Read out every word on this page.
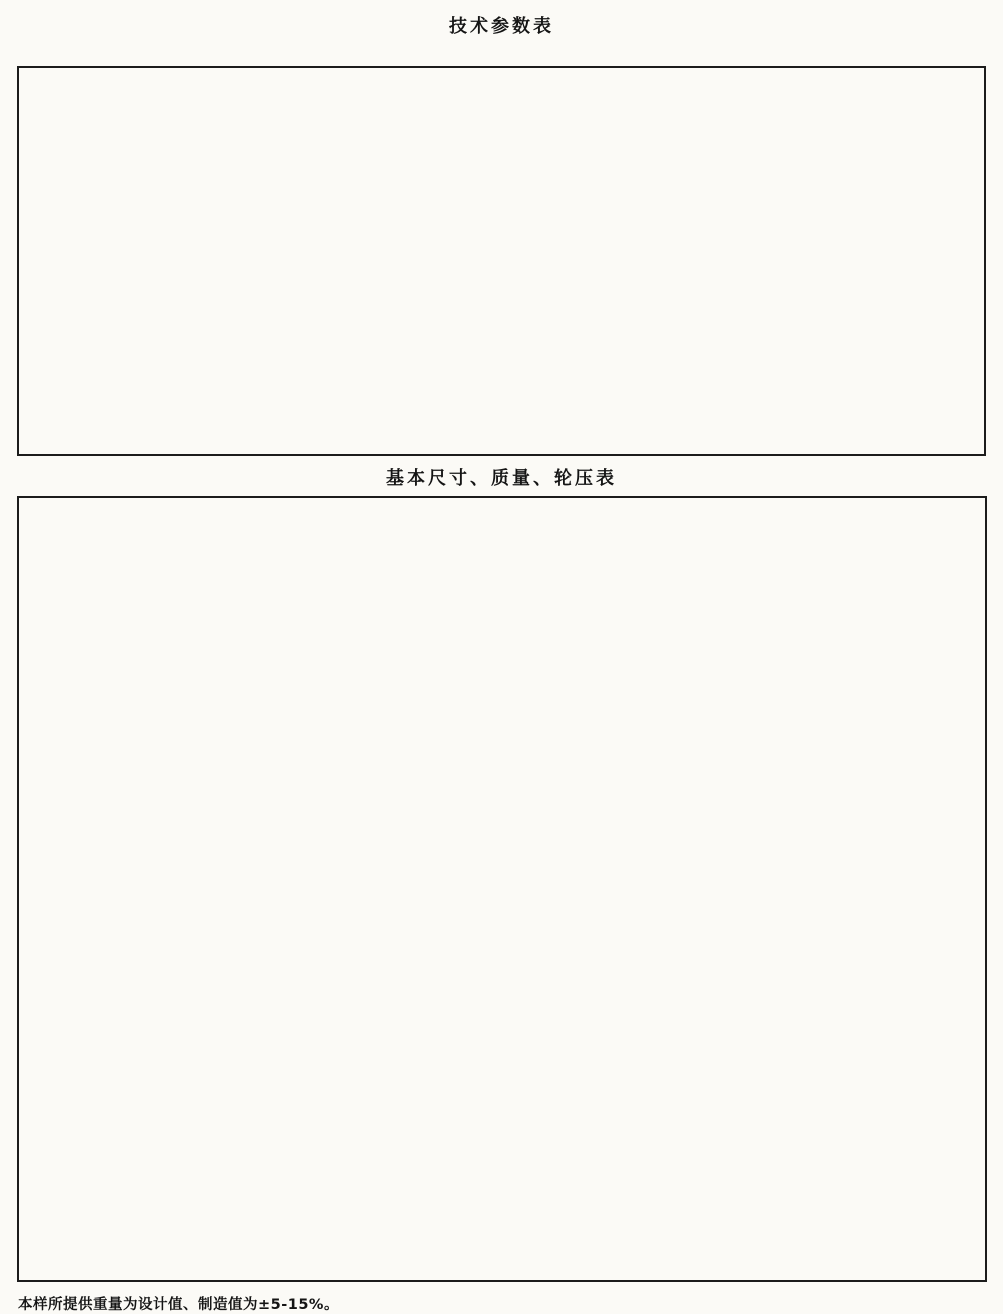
技术参数表

基本尺寸、质量、轮压表

本样所提供重量为设计值、制造值为±5-15%。
